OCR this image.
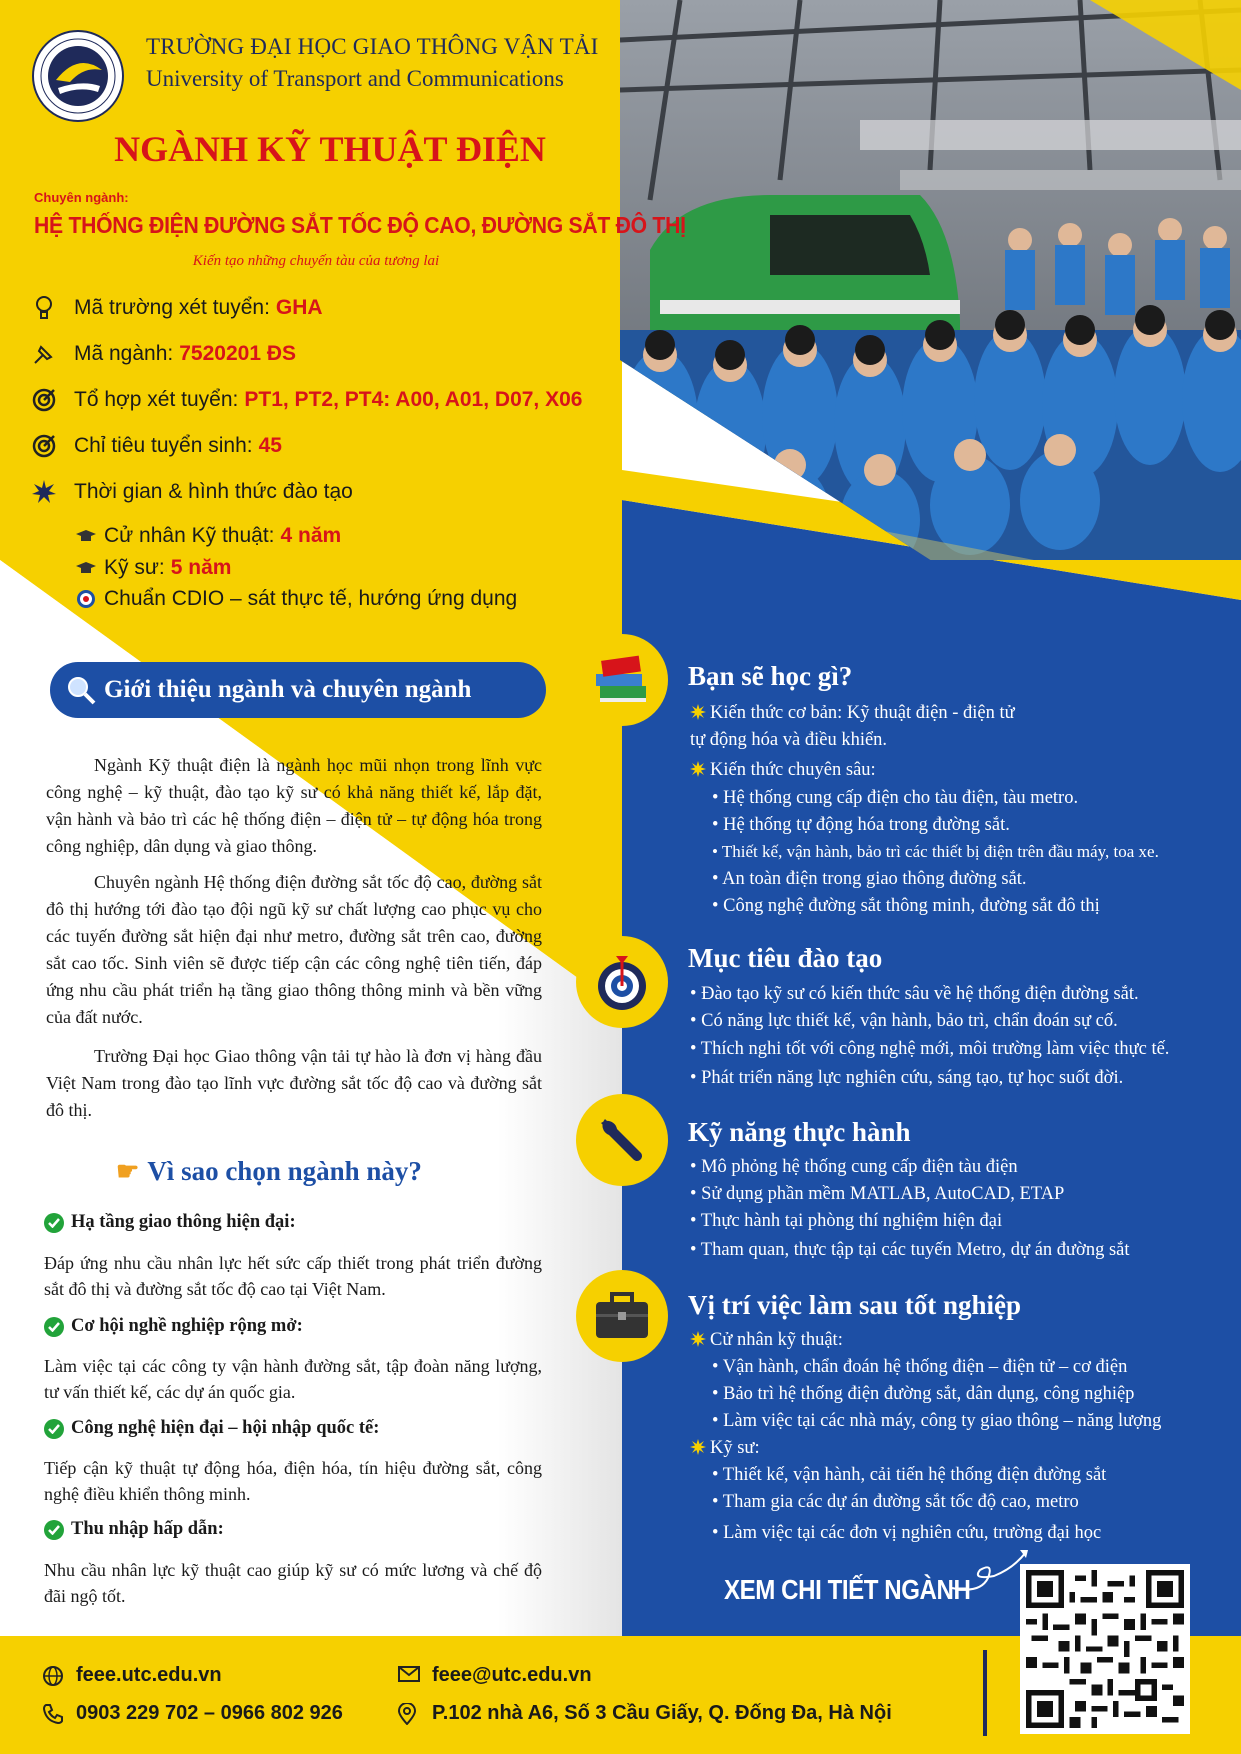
TRƯỜNG ĐẠI HỌC GIAO THÔNG VẬN TẢI
University of Transport and Communications
NGÀNH KỸ THUẬT ĐIỆN
Chuyên ngành:
HỆ THỐNG ĐIỆN ĐƯỜNG SẮT TỐC ĐỘ CAO, ĐƯỜNG SẮT ĐÔ THỊ
Kiến tạo những chuyến tàu của tương lai
Mã trường xét tuyển: GHA
Mã ngành: 7520201 ĐS
Tổ hợp xét tuyển: PT1, PT2, PT4: A00, A01, D07, X06
Chỉ tiêu tuyển sinh: 45
Thời gian & hình thức đào tạo
Cử nhân Kỹ thuật: 4 năm
Kỹ sư: 5 năm
Chuẩn CDIO – sát thực tế, hướng ứng dụng
Giới thiệu ngành và chuyên ngành
Ngành Kỹ thuật điện là ngành học mũi nhọn trong lĩnh vực công nghệ – kỹ thuật, đào tạo kỹ sư có khả năng thiết kế, lắp đặt, vận hành và bảo trì các hệ thống điện – điện tử – tự động hóa trong công nghiệp, dân dụng và giao thông.
Chuyên ngành Hệ thống điện đường sắt tốc độ cao, đường sắt đô thị hướng tới đào tạo đội ngũ kỹ sư chất lượng cao phục vụ cho các tuyến đường sắt hiện đại như metro, đường sắt trên cao, đường sắt cao tốc. Sinh viên sẽ được tiếp cận các công nghệ tiên tiến, đáp ứng nhu cầu phát triển hạ tầng giao thông thông minh và bền vững của đất nước.
Trường Đại học Giao thông vận tải tự hào là đơn vị hàng đầu Việt Nam trong đào tạo lĩnh vực đường sắt tốc độ cao và đường sắt đô thị.
☛ Vì sao chọn ngành này?
Hạ tầng giao thông hiện đại:
Đáp ứng nhu cầu nhân lực hết sức cấp thiết trong phát triển đường sắt đô thị và đường sắt tốc độ cao tại Việt Nam.
Cơ hội nghề nghiệp rộng mở:
Làm việc tại các công ty vận hành đường sắt, tập đoàn năng lượng, tư vấn thiết kế, các dự án quốc gia.
Công nghệ hiện đại – hội nhập quốc tế:
Tiếp cận kỹ thuật tự động hóa, điện hóa, tín hiệu đường sắt, công nghệ điều khiển thông minh.
Thu nhập hấp dẫn:
Nhu cầu nhân lực kỹ thuật cao giúp kỹ sư có mức lương và chế độ đãi ngộ tốt.
Bạn sẽ học gì?
Kiến thức cơ bản: Kỹ thuật điện - điện tử
tự động hóa và điều khiển.
Kiến thức chuyên sâu:
• Hệ thống cung cấp điện cho tàu điện, tàu metro.
• Hệ thống tự động hóa trong đường sắt.
• Thiết kế, vận hành, bảo trì các thiết bị điện trên đầu máy, toa xe.
• An toàn điện trong giao thông đường sắt.
• Công nghệ đường sắt thông minh, đường sắt đô thị
Mục tiêu đào tạo
• Đào tạo kỹ sư có kiến thức sâu về hệ thống điện đường sắt.
• Có năng lực thiết kế, vận hành, bảo trì, chẩn đoán sự cố.
• Thích nghi tốt với công nghệ mới, môi trường làm việc thực tế.
• Phát triển năng lực nghiên cứu, sáng tạo, tự học suốt đời.
Kỹ năng thực hành
• Mô phỏng hệ thống cung cấp điện tàu điện
• Sử dụng phần mềm MATLAB, AutoCAD, ETAP
• Thực hành tại phòng thí nghiệm hiện đại
• Tham quan, thực tập tại các tuyến Metro, dự án đường sắt
Vị trí việc làm sau tốt nghiệp
Cử nhân kỹ thuật:
• Vận hành, chẩn đoán hệ thống điện – điện tử – cơ điện
• Bảo trì hệ thống điện đường sắt, dân dụng, công nghiệp
• Làm việc tại các nhà máy, công ty giao thông – năng lượng
Kỹ sư:
• Thiết kế, vận hành, cải tiến hệ thống điện đường sắt
• Tham gia các dự án đường sắt tốc độ cao, metro
• Làm việc tại các đơn vị nghiên cứu, trường đại học
XEM CHI TIẾT NGÀNH
feee.utc.edu.vn	feee@utc.edu.vn
0903 229 702 – 0966 802 926	P.102 nhà A6, Số 3 Cầu Giấy, Q. Đống Đa, Hà Nội
